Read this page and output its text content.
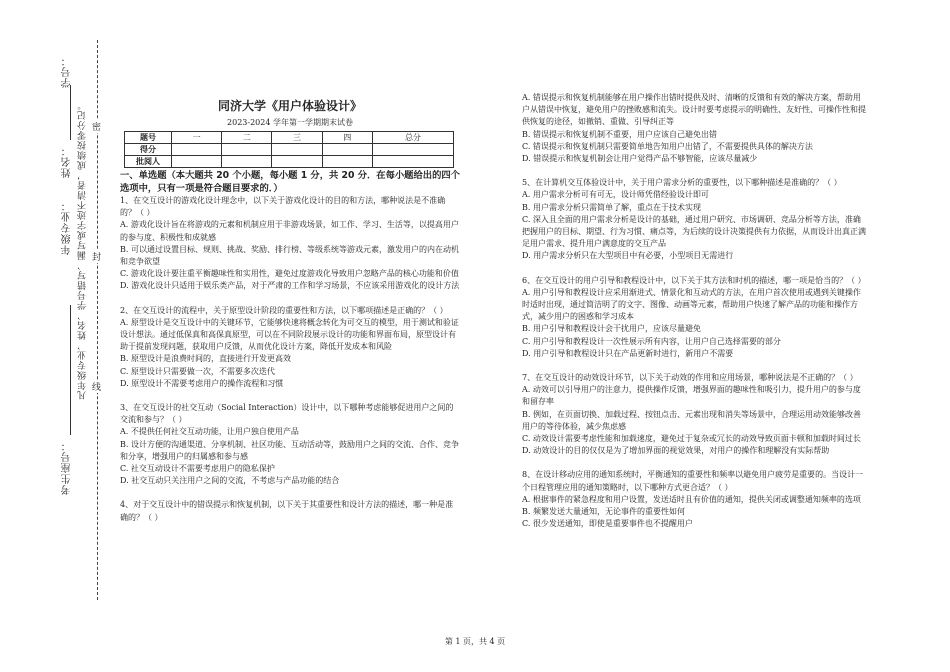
考生座号：
年级专业： 凡年级专业、姓名、学号错写、漏写或字迹不清者，成绩按零分记。
姓名：
学号：
密
封
线
同济大学《用户体验设计》
2023-2024 学年第一学期期末试卷
题号	一	二	三	四	总分
得分					
批阅人					
一、单选题（本大题共 20 个小题，每小题 1 分，共 20 分．在每小题给出的四个选项中，只有一项是符合题目要求的．）

1、在交互设计的游戏化设计理念中，以下关于游戏化设计的目的和方法，哪种说法是不准确的？（ ）

A. 游戏化设计旨在将游戏的元素和机制应用于非游戏场景，如工作、学习、生活等，以提高用户的参与度、积极性和成就感

B. 可以通过设置目标、规则、挑战、奖励、排行榜、等级系统等游戏元素，激发用户的内在动机和竞争欲望

C. 游戏化设计要注重平衡趣味性和实用性，避免过度游戏化导致用户忽略产品的核心功能和价值

D. 游戏化设计只适用于娱乐类产品，对于严肃的工作和学习场景，不应该采用游戏化的设计方法

2、在交互设计的流程中，关于原型设计阶段的重要性和方法，以下哪项描述是正确的？（ ）

A. 原型设计是交互设计中的关键环节，它能够快速将概念转化为可交互的模型，用于测试和验证设计想法。通过低保真和高保真原型，可以在不同阶段展示设计的功能和界面布局，原型设计有助于提前发现问题，获取用户反馈，从而优化设计方案，降低开发成本和风险

B. 原型设计是浪费时间的，直接进行开发更高效

C. 原型设计只需要做一次，不需要多次迭代

D. 原型设计不需要考虑用户的操作流程和习惯

3、在交互设计的社交互动（Social Interaction）设计中，以下哪种考虑能够促进用户之间的交流和参与？（ ）

A. 不提供任何社交互动功能，让用户独自使用产品

B. 设计方便的沟通渠道、分享机制、社区功能、互动活动等，鼓励用户之间的交流、合作、竞争和分享，增强用户的归属感和参与感

C. 社交互动设计不需要考虑用户的隐私保护

D. 社交互动只关注用户之间的交流，不考虑与产品功能的结合

4、对于交互设计中的错误提示和恢复机制，以下关于其重要性和设计方法的描述，哪一种是准确的？（ ）

A. 错误提示和恢复机制能够在用户操作出错时提供及时、清晰的反馈和有效的解决方案，帮助用户从错误中恢复，避免用户的挫败感和流失。设计时要考虑提示的明确性、友好性、可操作性和提供恢复的途径，如撤销、重做、引导纠正等

B. 错误提示和恢复机制不重要，用户应该自己避免出错

C. 错误提示和恢复机制只需要简单地告知用户出错了，不需要提供具体的解决方法

D. 错误提示和恢复机制会让用户觉得产品不够智能，应该尽量减少

5、在计算机交互体验设计中，关于用户需求分析的重要性，以下哪种描述是准确的？（ ）

A. 用户需求分析可有可无，设计师凭借经验设计即可

B. 用户需求分析只需简单了解，重点在于技术实现

C. 深入且全面的用户需求分析是设计的基础，通过用户研究、市场调研、竞品分析等方法，准确把握用户的目标、期望、行为习惯、痛点等，为后续的设计决策提供有力依据，从而设计出真正满足用户需求、提升用户满意度的交互产品

D. 用户需求分析只在大型项目中有必要，小型项目无需进行

6、在交互设计的用户引导和教程设计中，以下关于其方法和时机的描述，哪一项是恰当的？（ ）

A. 用户引导和教程设计应采用渐进式、情景化和互动式的方法，在用户首次使用或遇到关键操作时适时出现，通过简洁明了的文字、图像、动画等元素，帮助用户快速了解产品的功能和操作方式，减少用户的困惑和学习成本

B. 用户引导和教程设计会干扰用户，应该尽量避免

C. 用户引导和教程设计一次性展示所有内容，让用户自己选择需要的部分

D. 用户引导和教程设计只在产品更新时进行，新用户不需要

7、在交互设计的动效设计环节，以下关于动效的作用和应用场景，哪种说法是不正确的？（ ）

A. 动效可以引导用户的注意力，提供操作反馈，增强界面的趣味性和吸引力，提升用户的参与度和留存率

B. 例如，在页面切换、加载过程、按钮点击、元素出现和消失等场景中，合理运用动效能够改善用户的等待体验，减少焦虑感

C. 动效设计需要考虑性能和加载速度，避免过于复杂或冗长的动效导致页面卡顿和加载时间过长

D. 动效设计的目的仅仅是为了增加界面的视觉效果，对用户的操作和理解没有实际帮助

8、在设计移动应用的通知系统时，平衡通知的重要性和频率以避免用户疲劳是重要的。当设计一个日程管理应用的通知策略时，以下哪种方式更合适？（ ）

A. 根据事件的紧急程度和用户设置，发送适时且有价值的通知，提供关闭或调整通知频率的选项

B. 频繁发送大量通知，无论事件的重要性如何

C. 很少发送通知，即使是重要事件也不提醒用户

第 1 页，共 4 页
